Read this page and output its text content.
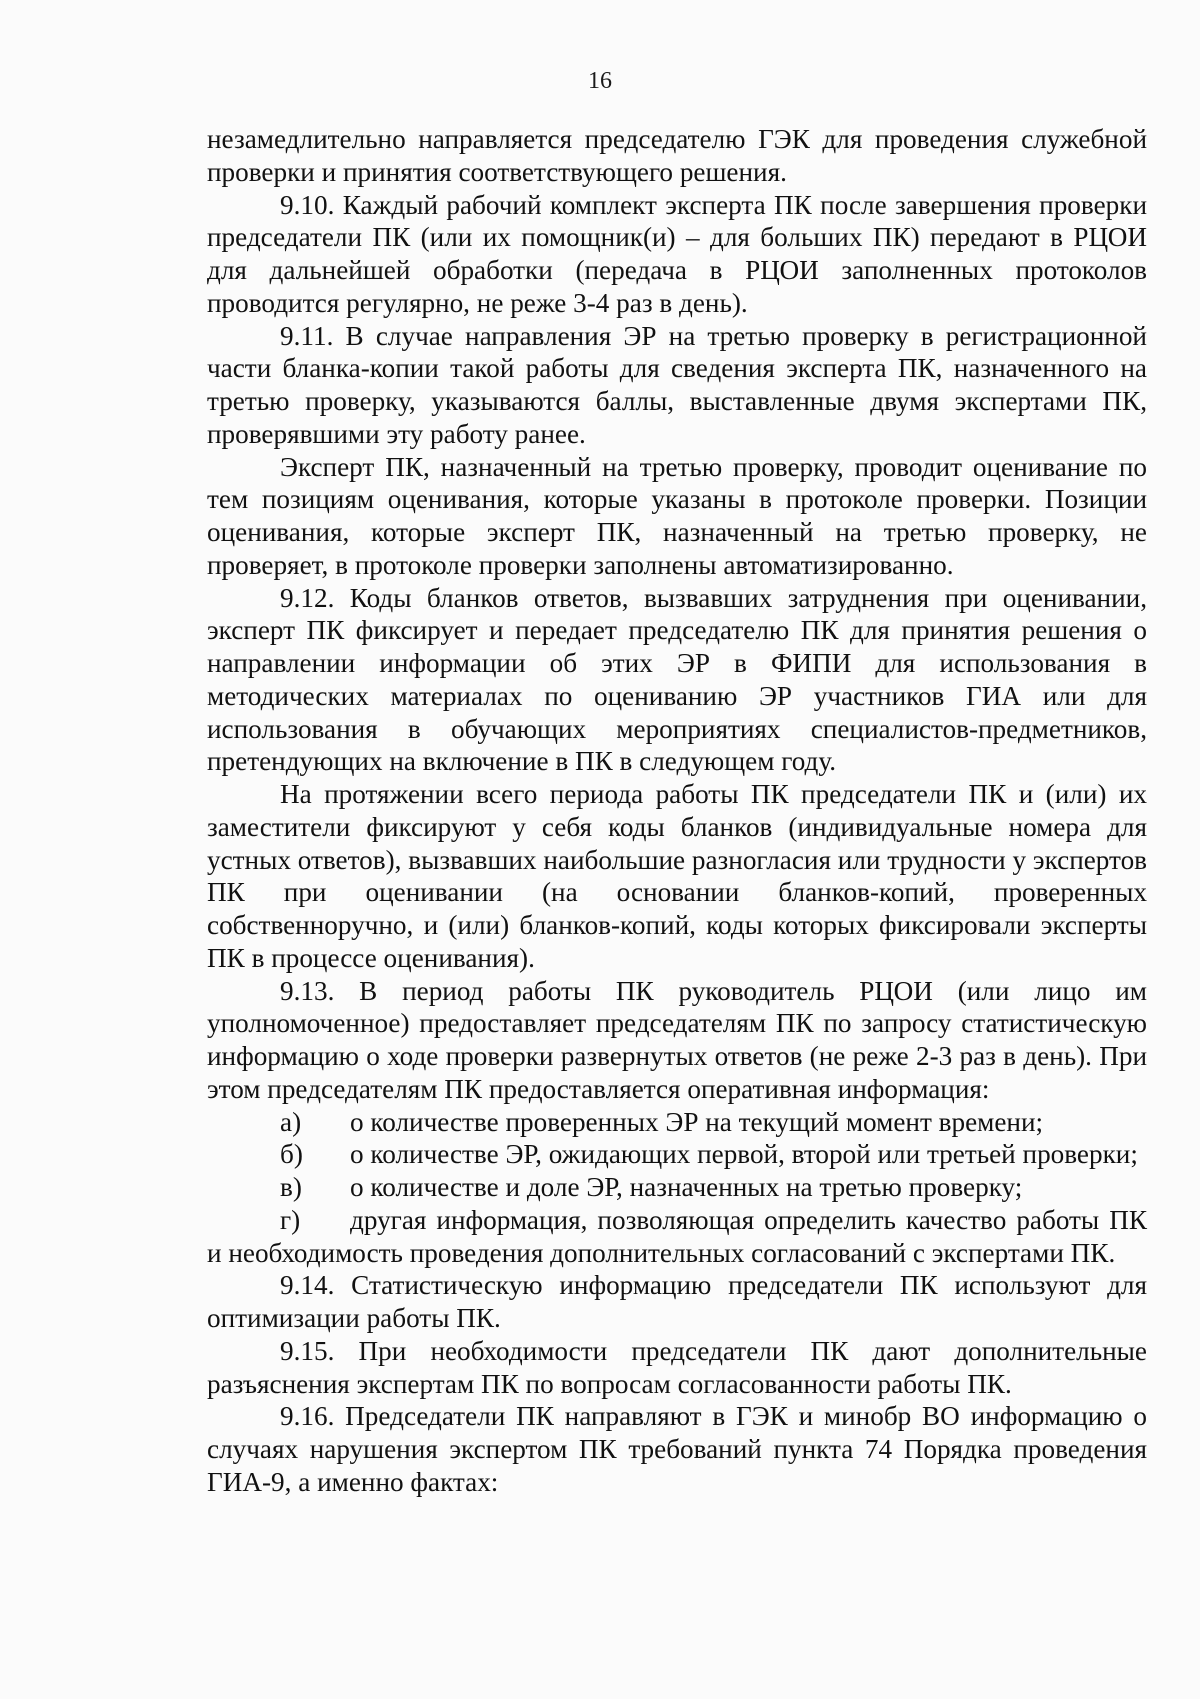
16

незамедлительно направляется председателю ГЭК для проведения служебной проверки и принятия соответствующего решения.

9.10. Каждый рабочий комплект эксперта ПК после завершения проверки председатели ПК (или их помощник(и) – для больших ПК) передают в РЦОИ для дальнейшей обработки (передача в РЦОИ заполненных протоколов проводится регулярно, не реже 3-4 раз в день).

9.11. В случае направления ЭР на третью проверку в регистрационной части бланка-копии такой работы для сведения эксперта ПК, назначенного на третью проверку, указываются баллы, выставленные двумя экспертами ПК, проверявшими эту работу ранее.

Эксперт ПК, назначенный на третью проверку, проводит оценивание по тем позициям оценивания, которые указаны в протоколе проверки. Позиции оценивания, которые эксперт ПК, назначенный на третью проверку, не проверяет, в протоколе проверки заполнены автоматизированно.

9.12. Коды бланков ответов, вызвавших затруднения при оценивании, эксперт ПК фиксирует и передает председателю ПК для принятия решения о направлении информации об этих ЭР в ФИПИ для использования в методических материалах по оцениванию ЭР участников ГИА или для использования в обучающих мероприятиях специалистов-предметников, претендующих на включение в ПК в следующем году.

На протяжении всего периода работы ПК председатели ПК и (или) их заместители фиксируют у себя коды бланков (индивидуальные номера для устных ответов), вызвавших наибольшие разногласия или трудности у экспертов ПК при оценивании (на основании бланков-копий, проверенных собственноручно, и (или) бланков-копий, коды которых фиксировали эксперты ПК в процессе оценивания).

9.13. В период работы ПК руководитель РЦОИ (или лицо им уполномоченное) предоставляет председателям ПК по запросу статистическую информацию о ходе проверки развернутых ответов (не реже 2-3 раз в день). При этом председателям ПК предоставляется оперативная информация:

а) о количестве проверенных ЭР на текущий момент времени;

б) о количестве ЭР, ожидающих первой, второй или третьей проверки;

в) о количестве и доле ЭР, назначенных на третью проверку;

г) другая информация, позволяющая определить качество работы ПК и необходимость проведения дополнительных согласований с экспертами ПК.

9.14. Статистическую информацию председатели ПК используют для оптимизации работы ПК.

9.15. При необходимости председатели ПК дают дополнительные разъяснения экспертам ПК по вопросам согласованности работы ПК.

9.16. Председатели ПК направляют в ГЭК и минобр ВО информацию о случаях нарушения экспертом ПК требований пункта 74 Порядка проведения ГИА-9, а именно фактах:
